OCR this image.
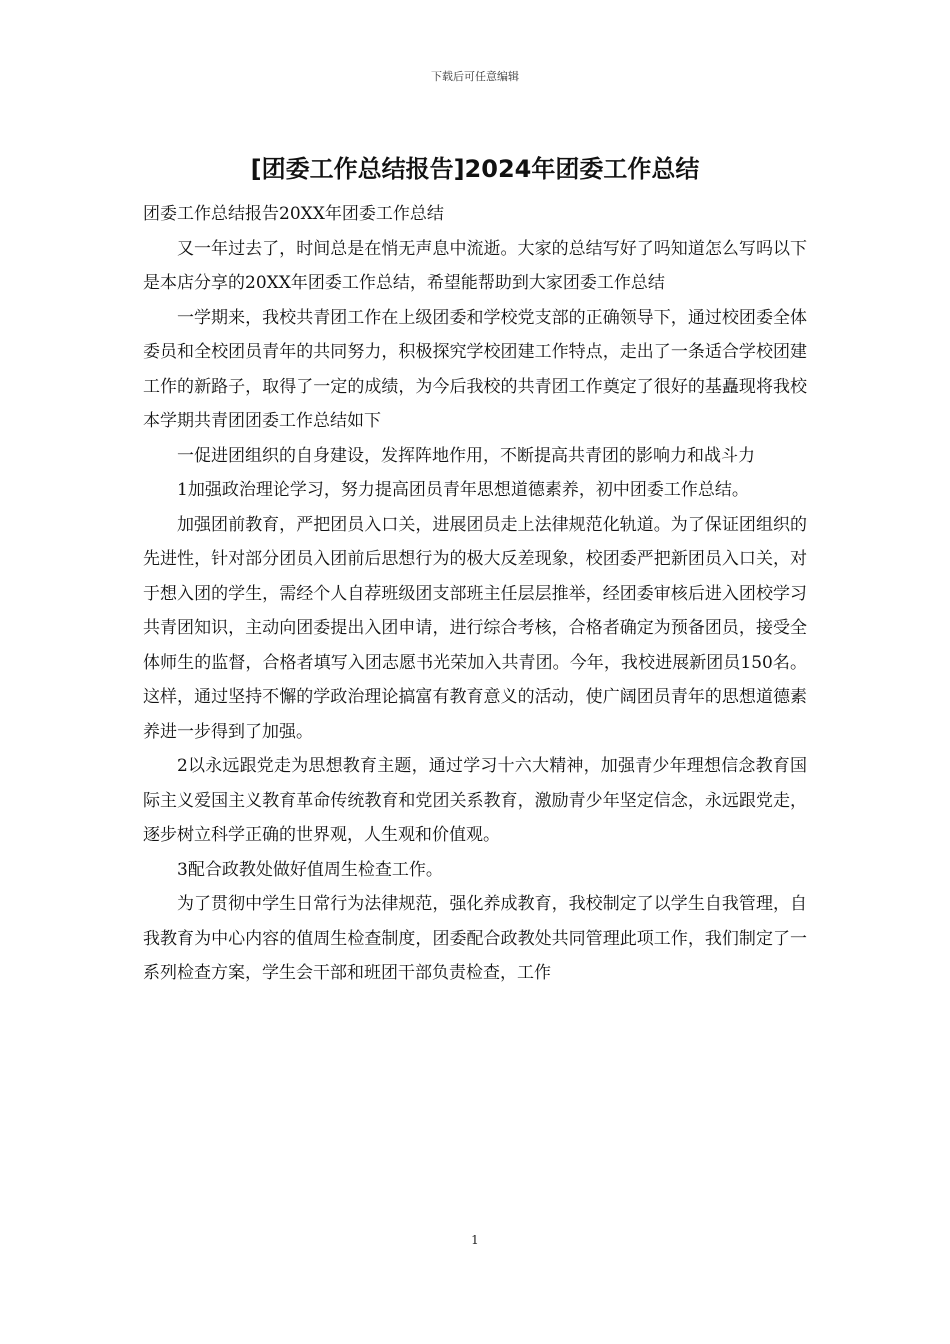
下载后可任意编辑
[团委工作总结报告]2024年团委工作总结

团委工作总结报告20XX年团委工作总结

又一年过去了，时间总是在悄无声息中流逝。大家的总结写好了吗知道怎么写吗以下是本店分享的20XX年团委工作总结，希望能帮助到大家团委工作总结

一学期来，我校共青团工作在上级团委和学校党支部的正确领导下，通过校团委全体委员和全校团员青年的共同努力，积极探究学校团建工作特点，走出了一条适合学校团建工作的新路子，取得了一定的成绩，为今后我校的共青团工作奠定了很好的基矗现将我校本学期共青团团委工作总结如下

一促进团组织的自身建设，发挥阵地作用，不断提高共青团的影响力和战斗力

1加强政治理论学习，努力提高团员青年思想道德素养，初中团委工作总结。

加强团前教育，严把团员入口关，进展团员走上法律规范化轨道。为了保证团组织的先进性，针对部分团员入团前后思想行为的极大反差现象，校团委严把新团员入口关，对于想入团的学生，需经个人自荐班级团支部班主任层层推举，经团委审核后进入团校学习共青团知识，主动向团委提出入团申请，进行综合考核，合格者确定为预备团员，接受全体师生的监督，合格者填写入团志愿书光荣加入共青团。今年，我校进展新团员150名。这样，通过坚持不懈的学政治理论搞富有教育意义的活动，使广阔团员青年的思想道德素养进一步得到了加强。

2以永远跟党走为思想教育主题，通过学习十六大精神，加强青少年理想信念教育国际主义爱国主义教育革命传统教育和党团关系教育，激励青少年坚定信念，永远跟党走，逐步树立科学正确的世界观，人生观和价值观。

3配合政教处做好值周生检查工作。

为了贯彻中学生日常行为法律规范，强化养成教育，我校制定了以学生自我管理，自我教育为中心内容的值周生检查制度，团委配合政教处共同管理此项工作，我们制定了一系列检查方案，学生会干部和班团干部负责检查，工作

1
